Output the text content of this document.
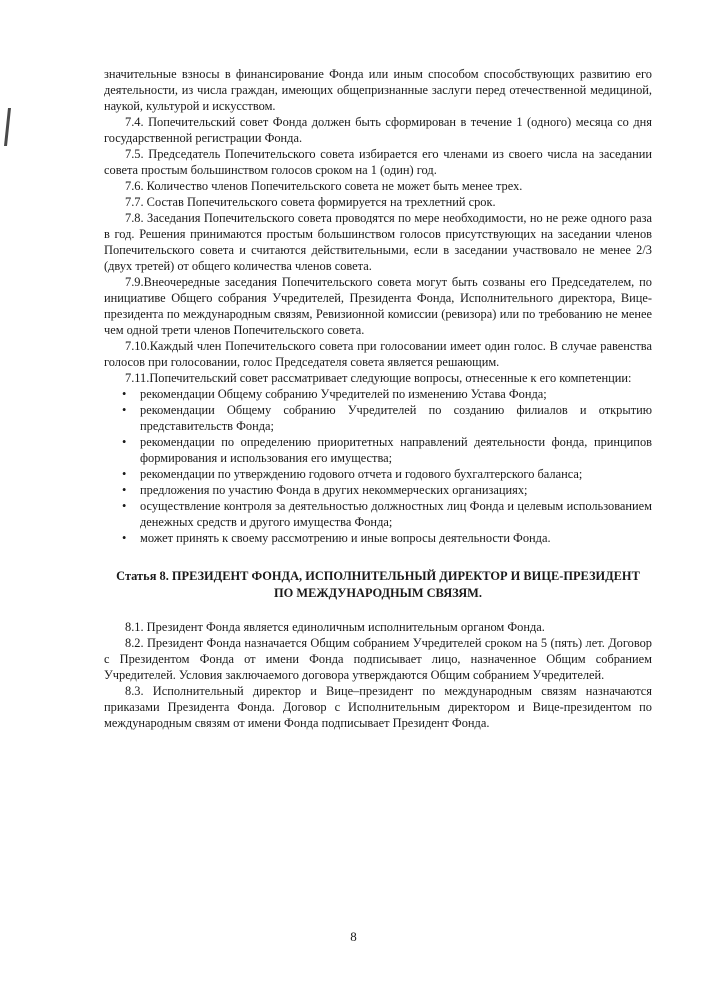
значительные взносы в финансирование Фонда или иным способом способствующих развитию его деятельности, из числа граждан, имеющих общепризнанные заслуги перед отечественной медициной, наукой, культурой и искусством.

7.4. Попечительский совет Фонда должен быть сформирован в течение 1 (одного) месяца со дня государственной регистрации Фонда.

7.5. Председатель Попечительского совета избирается его членами из своего числа на заседании совета простым большинством голосов сроком на 1 (один) год.

7.6. Количество членов Попечительского совета не может быть менее трех.

7.7. Состав Попечительского совета формируется на трехлетний срок.

7.8. Заседания Попечительского совета проводятся по мере необходимости, но не реже одного раза в год. Решения принимаются простым большинством голосов присутствующих на заседании членов Попечительского совета и считаются действительными, если в заседании участвовало не менее 2/3 (двух третей) от общего количества членов совета.

7.9.Внеочередные заседания Попечительского совета могут быть созваны его Председателем, по инициативе Общего собрания Учредителей, Президента Фонда, Исполнительного директора, Вице-президента по международным связям, Ревизионной комиссии (ревизора) или по требованию не менее чем одной трети членов Попечительского совета.

7.10.Каждый член Попечительского совета при голосовании имеет один голос. В случае равенства голосов при голосовании, голос Председателя совета является решающим.

7.11.Попечительский совет рассматривает следующие вопросы, отнесенные к его компетенции:

• рекомендации Общему собранию Учредителей по изменению Устава Фонда;
• рекомендации Общему собранию Учредителей по созданию филиалов и открытию представительств Фонда;
• рекомендации по определению приоритетных направлений деятельности фонда, принципов формирования и использования его имущества;
• рекомендации по утверждению годового отчета и годового бухгалтерского баланса;
• предложения по участию Фонда в других некоммерческих организациях;
• осуществление контроля за деятельностью должностных лиц Фонда и целевым использованием денежных средств и другого имущества Фонда;
• может принять к своему рассмотрению и иные вопросы деятельности Фонда.
Статья 8. ПРЕЗИДЕНТ ФОНДА, ИСПОЛНИТЕЛЬНЫЙ ДИРЕКТОР И ВИЦЕ-ПРЕЗИДЕНТ ПО МЕЖДУНАРОДНЫМ СВЯЗЯМ.

8.1. Президент Фонда является единоличным исполнительным органом Фонда.

8.2. Президент Фонда назначается Общим собранием Учредителей сроком на 5 (пять) лет. Договор с Президентом Фонда от имени Фонда подписывает лицо, назначенное Общим собранием Учредителей. Условия заключаемого договора утверждаются Общим собранием Учредителей.

8.3. Исполнительный директор и Вице–президент по международным связям назначаются приказами Президента Фонда. Договор с Исполнительным директором и Вице-президентом по международным связям от имени Фонда подписывает Президент Фонда.

8
